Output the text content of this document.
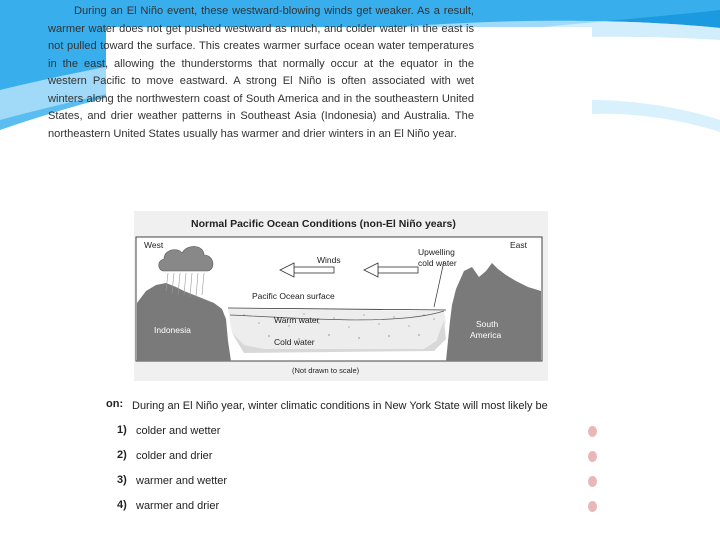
During an El Niño event, these westward-blowing winds get weaker. As a result, warmer water does not get pushed westward as much, and colder water in the east is not pulled toward the surface. This creates warmer surface ocean water temperatures in the east, allowing the thunderstorms that normally occur at the equator in the western Pacific to move eastward. A strong El Niño is often associated with wet winters along the northwestern coast of South America and in the southeastern United States, and drier weather patterns in Southeast Asia (Indonesia) and Australia. The northeastern United States usually has warmer and drier winters in an El Niño year.
Normal Pacific Ocean Conditions (non-El Niño years)
West	East
Winds
Upwelling
cold water
Pacific Ocean surface
Warm water
Cold water
(Not drawn to scale)
Indonesia
South
America
on: During an El Niño year, winter climatic conditions in New York State will most likely be
1) colder and wetter
2) colder and drier
3) warmer and wetter
4) warmer and drier
